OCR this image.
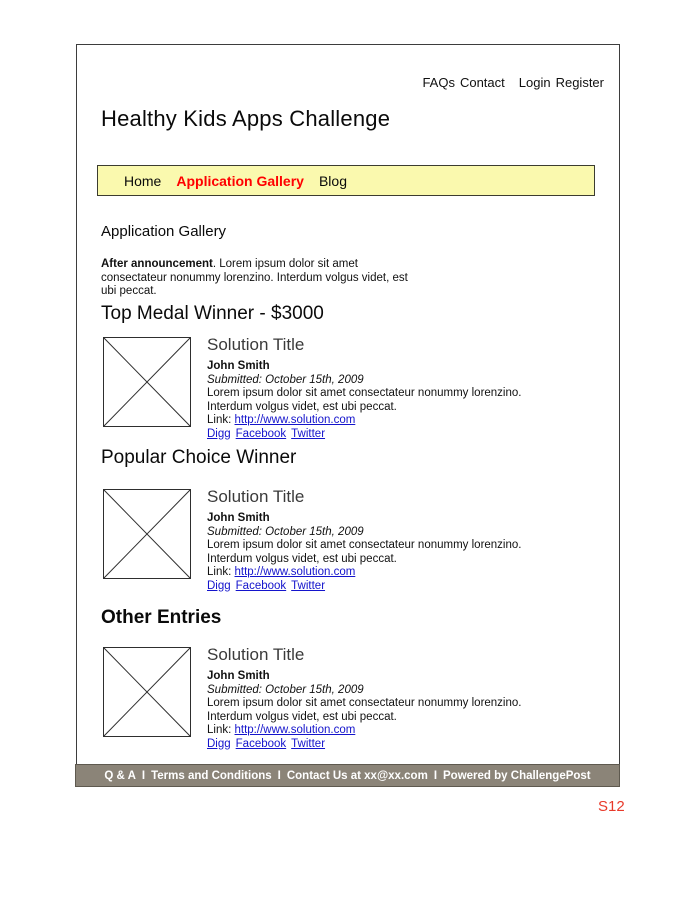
FAQs Contact Login Register
Healthy Kids Apps Challenge
Home Application Gallery Blog
Application Gallery
After announcement. Lorem ipsum dolor sit amet
consectateur nonummy lorenzino. Interdum volgus videt, est
ubi peccat.
Top Medal Winner - $3000
Solution Title
John Smith
Submitted: October 15th, 2009
Lorem ipsum dolor sit amet consectateur nonummy lorenzino.
Interdum volgus videt, est ubi peccat.
Link: http://www.solution.com
Digg Facebook Twitter
Popular Choice Winner
Solution Title
John Smith
Submitted: October 15th, 2009
Lorem ipsum dolor sit amet consectateur nonummy lorenzino.
Interdum volgus videt, est ubi peccat.
Link: http://www.solution.com
Digg Facebook Twitter
Other Entries
Solution Title
John Smith
Submitted: October 15th, 2009
Lorem ipsum dolor sit amet consectateur nonummy lorenzino.
Interdum volgus videt, est ubi peccat.
Link: http://www.solution.com
Digg Facebook Twitter
Q & A I Terms and Conditions I Contact Us at xx@xx.com I Powered by ChallengePost
S12
